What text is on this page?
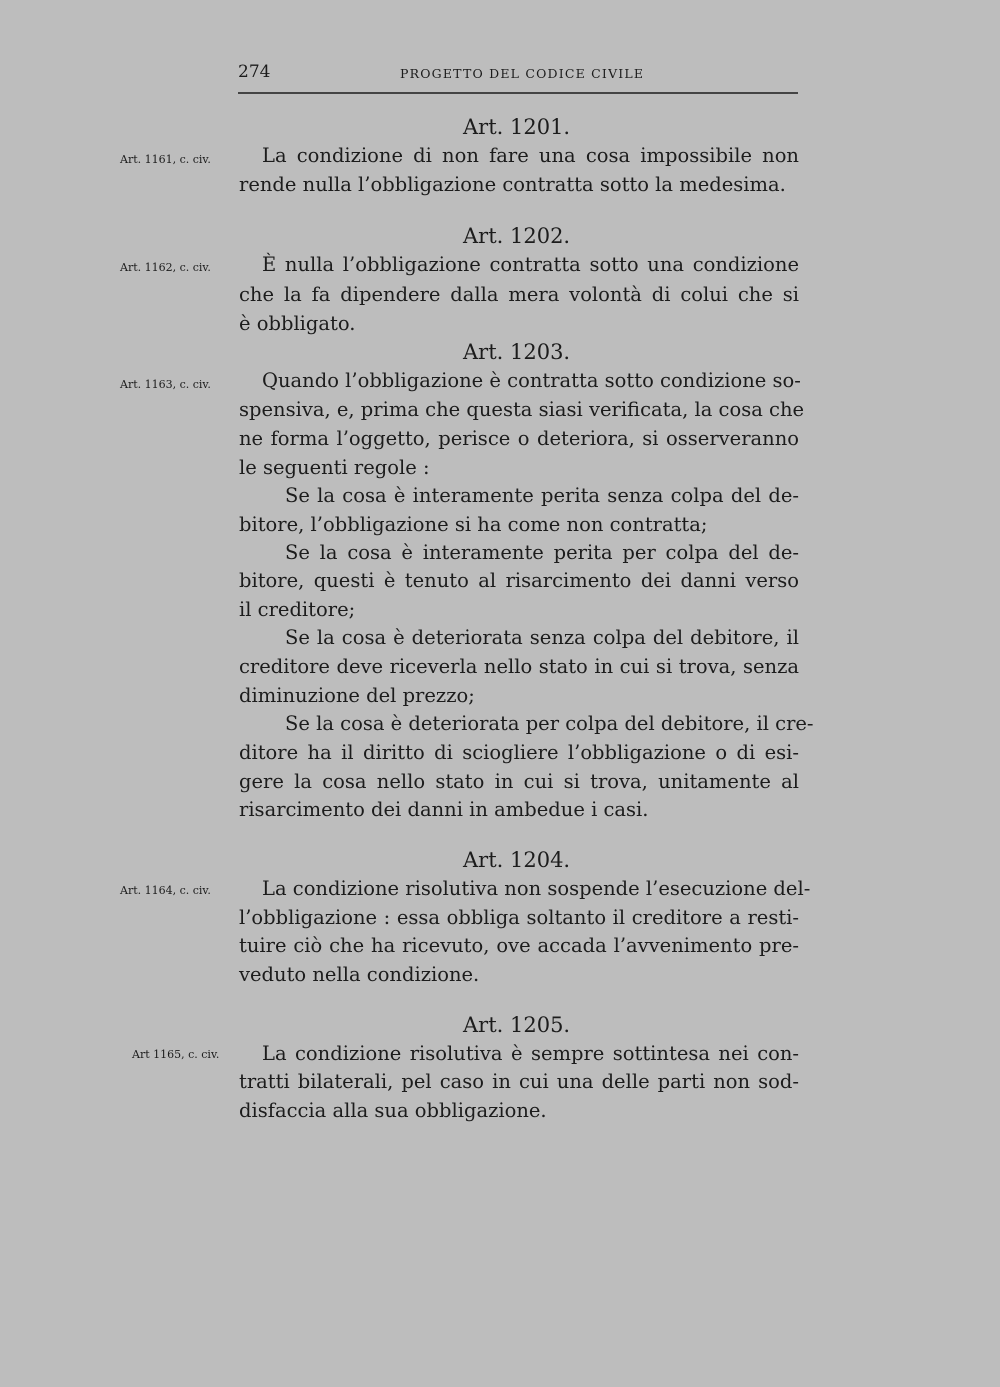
274	PROGETTO DEL CODICE CIVILE
Art. 1201.
Art. 1161, c. civ.	La condizione di non fare una cosa impossibile non
rende nulla l’obbligazione contratta sotto la medesima.
Art. 1202.
Art. 1162, c. civ.	È nulla l’obbligazione contratta sotto una condizione
che la fa dipendere dalla mera volontà di colui che si
è obbligato.
Art. 1203.
Art. 1163, c. civ.	Quando l’obbligazione è contratta sotto condizione so-
spensiva, e, prima che questa siasi verificata, la cosa che
ne forma l’oggetto, perisce o deteriora, si osserveranno
le seguenti regole :
Se la cosa è interamente perita senza colpa del de-
bitore, l’obbligazione si ha come non contratta;
Se la cosa è interamente perita per colpa del de-
bitore, questi è tenuto al risarcimento dei danni verso
il creditore;
Se la cosa è deteriorata senza colpa del debitore, il
creditore deve riceverla nello stato in cui si trova, senza
diminuzione del prezzo;
Se la cosa è deteriorata per colpa del debitore, il cre-
ditore ha il diritto di sciogliere l’obbligazione o di esi-
gere la cosa nello stato in cui si trova, unitamente al
risarcimento dei danni in ambedue i casi.
Art. 1204.
Art. 1164, c. civ.	La condizione risolutiva non sospende l’esecuzione del-
l’obbligazione : essa obbliga soltanto il creditore a resti-
tuire ciò che ha ricevuto, ove accada l’avvenimento pre-
veduto nella condizione.
Art. 1205.
Art 1165, c. civ. La condizione risolutiva è sempre sottintesa nei con-
tratti bilaterali, pel caso in cui una delle parti non sod-
disfaccia alla sua obbligazione.
